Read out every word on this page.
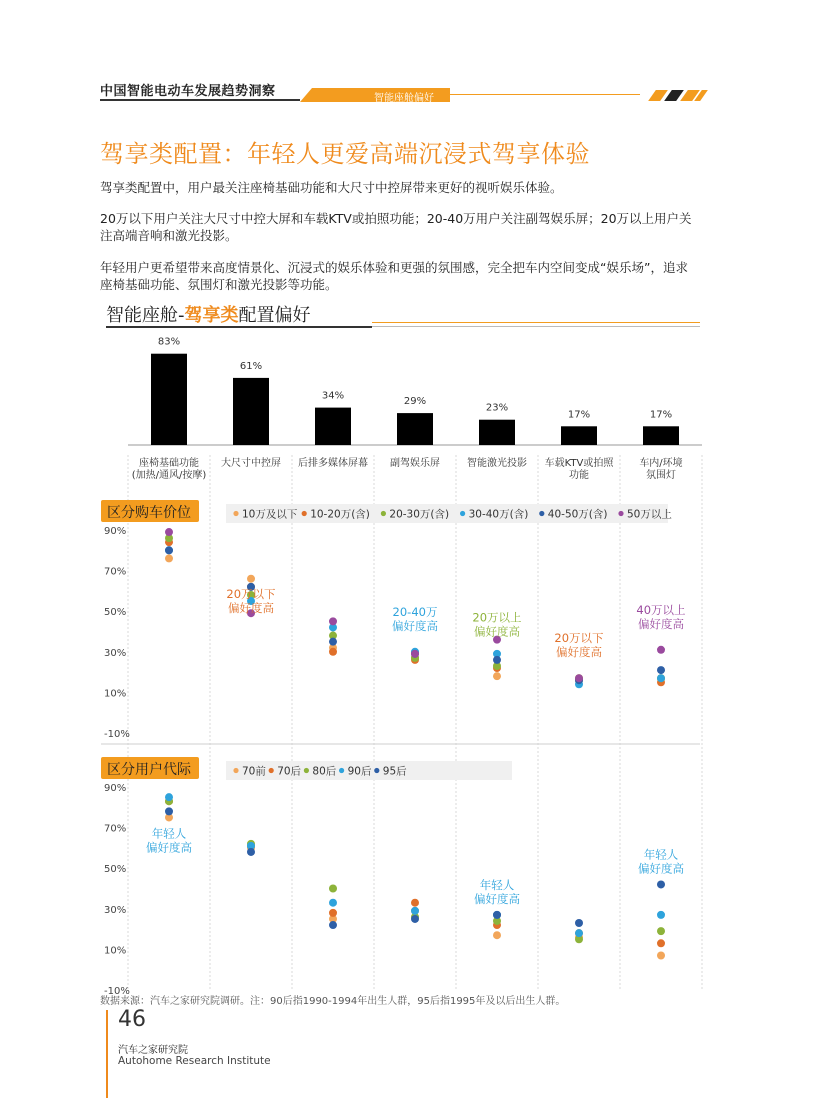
中国智能电动车发展趋势洞察	智能座舱偏好
驾享类配置：年轻人更爱高端沉浸式驾享体验
驾享类配置中，用户最关注座椅基础功能和大尺寸中控屏带来更好的视听娱乐体验。
20万以下用户关注大尺寸中控大屏和车载KTV或拍照功能；20-40万用户关注副驾娱乐屏；20万以上用户关注高端音响和激光投影。
年轻用户更希望带来高度情景化、沉浸式的娱乐体验和更强的氛围感，完全把车内空间变成“娱乐场”，追求座椅基础功能、氛围灯和激光投影等功能。
智能座舱-驾享类配置偏好
83%
座椅基础功能(加热/通风/按摩)
61%
大尺寸中控屏
34%
后排多媒体屏幕
29%
副驾娱乐屏
23%
智能激光投影
17%
车载KTV或拍照功能
17%
车内/环境氛围灯
区分购车价位
90%
70%
50%
30%
10%
-10%
10万及以下 10-20万(含) 20-30万(含) 30-40万(含) 40-50万(含) 50万以上
20万以下偏好度高	20-40万偏好度高
20万以上偏好度高	20万以下偏好度高
40万以上偏好度高
区分用户代际
90%
70%
50%
30%
10%
-10%
70前 70后 80后 90后 95后
年轻人偏好度高
年轻人偏好度高
年轻人偏好度高
数据来源：汽车之家研究院调研。注：90后指1990-1994年出生人群，95后指1995年及以后出生人群。
46
汽车之家研究院
Autohome Research Institute
